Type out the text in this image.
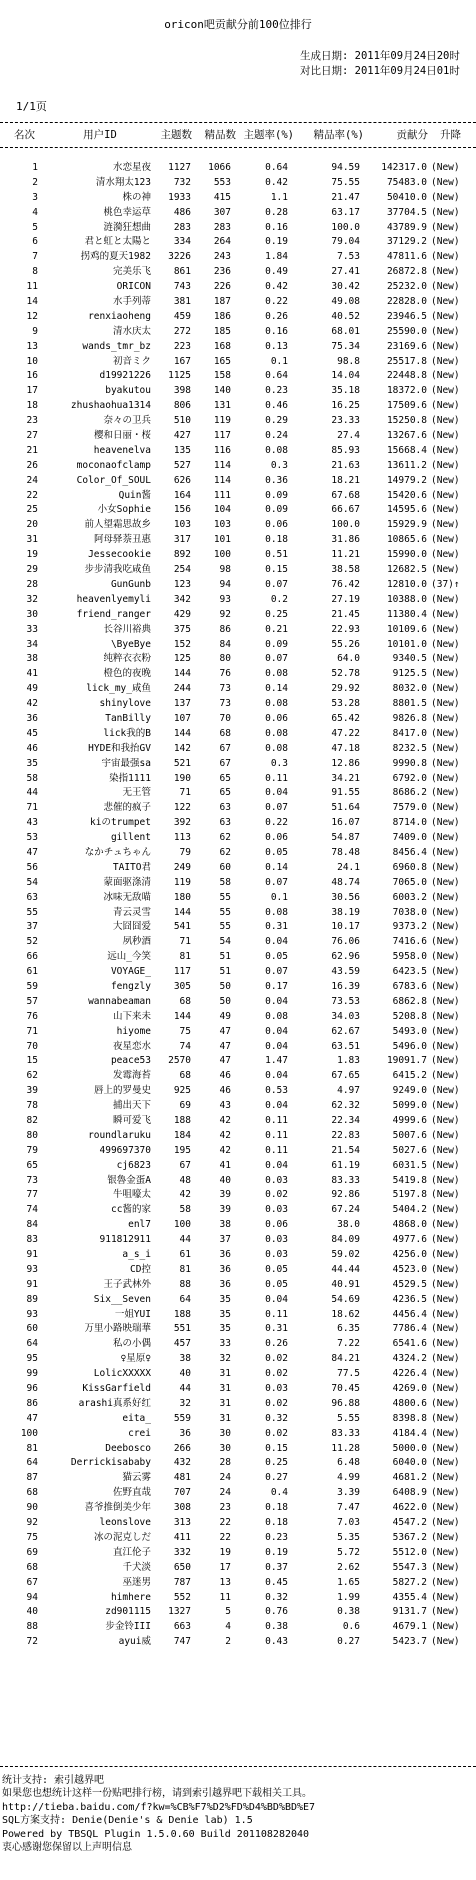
oricon吧贡献分前100位排行
生成日期: 2011年09月24日20时
对比日期: 2011年09月24日01时
1/1页
名次	用户ID	主题数	精品数 主题率(%)	精品率(%)	贡献分 升降
1	水恋星夜	1127	1066	0.64	94.59	142317.0 (New)
2	清水翔太123	732	553	0.42	75.55	75483.0 (New)
3	株の神	1933	415	1.1	21.47	50410.0 (New)
4	桃色幸运草	486	307	0.28	63.17	37704.5 (New)
5	涟漪狂想曲	283	283	0.16	100.0	43789.9 (New)
6	君と虹と太陽と	334	264	0.19	79.04	37129.2 (New)
7	拐鸡的夏天1982	3226	243	1.84	7.53	47811.6 (New)
8	完美乐飞	861	236	0.49	27.41	26872.8 (New)
11	ORICON	743	226	0.42	30.42	25232.0 (New)
14	水手列蒂	381	187	0.22	49.08	22828.0 (New)
12	renxiaoheng	459	186	0.26	40.52	23946.5 (New)
9	清水庆太	272	185	0.16	68.01	25590.0 (New)
13	wands_tmr_bz	223	168	0.13	75.34	23169.6 (New)
10	初音ミク	167	165	0.1	98.8	25517.8 (New)
16	d19921226	1125	158	0.64	14.04	22448.8 (New)
17	byakutou	398	140	0.23	35.18	18372.0 (New)
18	zhushaohua1314	806	131	0.46	16.25	17509.6 (New)
23	奈々の卫兵	510	119	0.29	23.33	15250.8 (New)
27	樱和日丽・桜	427	117	0.24	27.4	13267.6 (New)
21	heavenelva	135	116	0.08	85.93	15668.4 (New)
26	moconaofclamp	527	114	0.3	21.63	13611.2 (New)
24	Color_Of_SOUL	626	114	0.36	18.21	14979.2 (New)
22	Quin酱	164	111	0.09	67.68	15420.6 (New)
25	小女Sophie	156	104	0.09	66.67	14595.6 (New)
20	前人望霜思故乡	103	103	0.06	100.0	15929.9 (New)
31	阿母驿萘丑惠	317	101	0.18	31.86	10865.6 (New)
19	Jessecookie	892	100	0.51	11.21	15990.0 (New)
29	步步清我吃咸鱼	254	98	0.15	38.58	12682.5 (New)
28	GunGunb	123	94	0.07	76.42	12810.0 (37)↑
32	heavenlyemyli	342	93	0.2	27.19	10388.0 (New)
30	friend_ranger	429	92	0.25	21.45	11380.4 (New)
33	长谷川裕典	375	86	0.21	22.93	10109.6 (New)
34	\ByeBye	152	84	0.09	55.26	10101.0 (New)
38	纯粹衣衣粉	125	80	0.07	64.0	9340.5 (New)
41	橙色的夜晚	144	76	0.08	52.78	9125.5 (New)
49	lick_my_咸鱼	244	73	0.14	29.92	8032.0 (New)
42	shinylove	137	73	0.08	53.28	8801.5 (New)
36	TanBilly	107	70	0.06	65.42	9826.8 (New)
45	lick我的B	144	68	0.08	47.22	8417.0 (New)
46	HYDE和我抬GV	142	67	0.08	47.18	8232.5 (New)
35	宇宙最强sa	521	67	0.3	12.86	9990.8 (New)
58	染指1111	190	65	0.11	34.21	6792.0 (New)
44	无王管	71	65	0.04	91.55	8686.2 (New)
71	悲催的疯子	122	63	0.07	51.64	7579.0 (New)
43	kiのtrumpet	392	63	0.22	16.07	8714.0 (New)
53	gillent	113	62	0.06	54.87	7409.0 (New)
47	なかチュちゃん	79	62	0.05	78.48	8456.4 (New)
56	TAITO君	249	60	0.14	24.1	6960.8 (New)
54	蒙面驱涤清	119	58	0.07	48.74	7065.0 (New)
63	冰味无敌喵	180	55	0.1	30.56	6003.2 (New)
55	青云灵雪	144	55	0.08	38.19	7038.0 (New)
37	大囧囧爱	541	55	0.31	10.17	9373.2 (New)
52	夙秒酒	71	54	0.04	76.06	7416.6 (New)
66	远山_今笑	81	51	0.05	62.96	5958.0 (New)
61	VOYAGE_	117	51	0.07	43.59	6423.5 (New)
59	fengzly	305	50	0.17	16.39	6783.6 (New)
57	wannabeaman	68	50	0.04	73.53	6862.8 (New)
76	山下来未	144	49	0.08	34.03	5208.8 (New)
71	hiyome	75	47	0.04	62.67	5493.0 (New)
70	夜星恋水	74	47	0.04	63.51	5496.0 (New)
15	peace53	2570	47	1.47	1.83	19091.7 (New)
62	发霉海苔	68	46	0.04	67.65	6415.2 (New)
39	唇上的罗曼史	925	46	0.53	4.97	9249.0 (New)
78	捕出天下	69	43	0.04	62.32	5099.0 (New)
82	瞬可爱飞	188	42	0.11	22.34	4999.6 (New)
80	roundlaruku	184	42	0.11	22.83	5007.6 (New)
79	499697370	195	42	0.11	21.54	5027.6 (New)
65	cj6823	67	41	0.04	61.19	6031.5 (New)
73	银魯金蛋A	48	40	0.03	83.33	5419.8 (New)
77	牛咀嚎太	42	39	0.02	92.86	5197.8 (New)
74	cc酱的家	58	39	0.03	67.24	5404.2 (New)
84	enl7	100	38	0.06	38.0	4868.0 (New)
83	911812911	44	37	0.03	84.09	4977.6 (New)
91	a_s_i	61	36	0.03	59.02	4256.0 (New)
93	CD控	81	36	0.05	44.44	4523.0 (New)
91	王子武林外	88	36	0.05	40.91	4529.5 (New)
89	Six__Seven	64	35	0.04	54.69	4236.5 (New)
93	一姐YUI	188	35	0.11	18.62	4456.4 (New)
60	万里小路映瑞華	551	35	0.31	6.35	7786.4 (New)
64	私の小偶	457	33	0.26	7.22	6541.6 (New)
95	♀星原♀	38	32	0.02	84.21	4324.2 (New)
99	LolicXXXXX	40	31	0.02	77.5	4226.4 (New)
96	KissGarfield	44	31	0.03	70.45	4269.0 (New)
86	arashi真系好红	32	31	0.02	96.88	4800.6 (New)
47	eita_	559	31	0.32	5.55	8398.8 (New)
100	crei	36	30	0.02	83.33	4184.4 (New)
81	Deebosco	266	30	0.15	11.28	5000.0 (New)
64	Derrickisababy	432	28	0.25	6.48	6040.0 (New)
87	猫云雾	481	24	0.27	4.99	4681.2 (New)
68	佐野直哉	707	24	0.4	3.39	6408.9 (New)
90	喜爷推倒美少年	308	23	0.18	7.47	4622.0 (New)
92	leonslove	313	22	0.18	7.03	4547.2 (New)
75	冰の泥克しだ	411	22	0.23	5.35	5367.2 (New)
69	直江伦子	332	19	0.19	5.72	5512.0 (New)
68	千犬淡	650	17	0.37	2.62	5547.3 (New)
67	巫迷男	787	13	0.45	1.65	5827.2 (New)
94	himhere	552	11	0.32	1.99	4355.4 (New)
40	zd901115	1327	5	0.76	0.38	9131.7 (New)
88	步金铃III	663	4	0.38	0.6	4679.1 (New)
72	ayui威	747	2	0.43	0.27	5423.7 (New)
统计支持: 索引越界吧
如果您也想统计这样一份贴吧排行榜，请到索引越界吧下载相关工具。
http://tieba.baidu.com/f?kw=%CB%F7%D2%FD%D4%BD%BD%E7
SQL方案支持: Denie(Denie's & Denie lab) 1.5
Powered by TBSQL Plugin 1.5.0.60 Build 201108282040
衷心感谢您保留以上声明信息
